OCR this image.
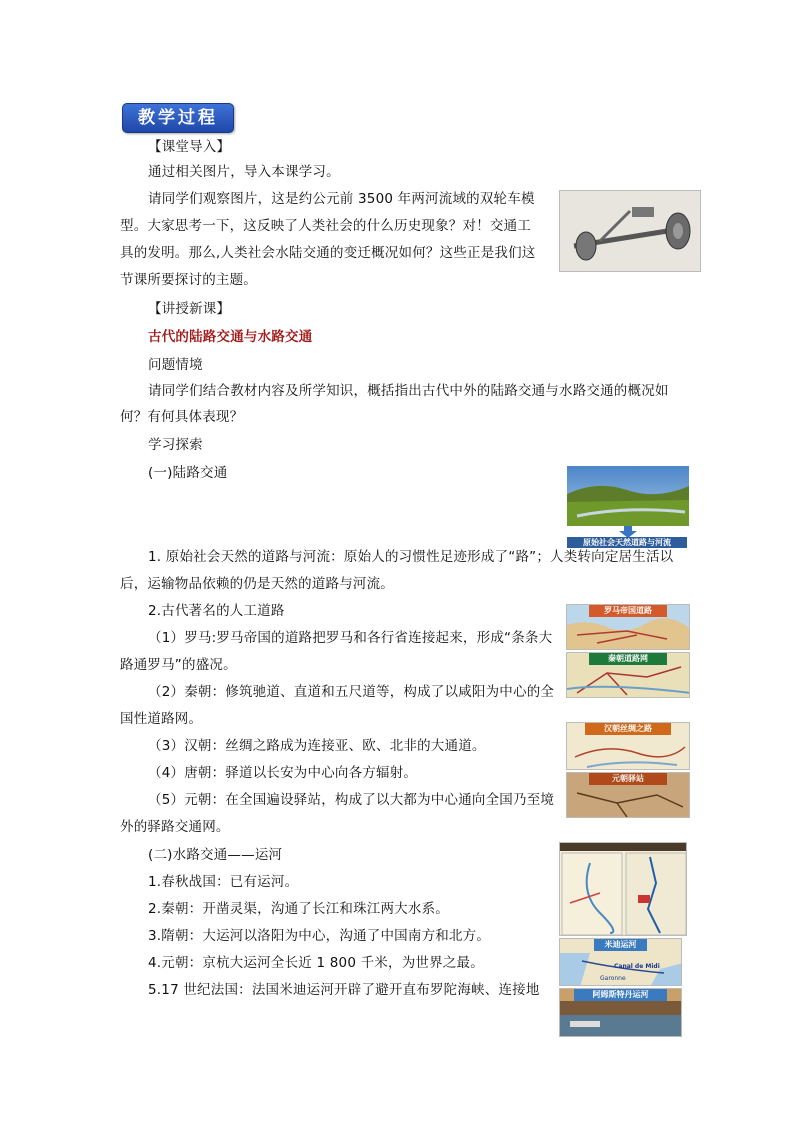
教学过程
【课堂导入】
通过相关图片，导入本课学习。
请同学们观察图片，这是约公元前 3500 年两河流域的双轮车模
型。大家思考一下，这反映了人类社会的什么历史现象？对！交通工
具的发明。那么,人类社会水陆交通的变迁概况如何？这些正是我们这
节课所要探讨的主题。
【讲授新课】
古代的陆路交通与水路交通
问题情境
请同学们结合教材内容及所学知识，概括指出古代中外的陆路交通与水路交通的概况如
何？有何具体表现？
学习探索
(一)陆路交通
原始社会天然道路与河流
1. 原始社会天然的道路与河流：原始人的习惯性足迹形成了“路”；人类转向定居生活以
后，运输物品依赖的仍是天然的道路与河流。
2.古代著名的人工道路
（1）罗马:罗马帝国的道路把罗马和各行省连接起来，形成“条条大
路通罗马”的盛况。
（2）秦朝：修筑驰道、直道和五尺道等，构成了以咸阳为中心的全
国性道路网。
（3）汉朝：丝绸之路成为连接亚、欧、北非的大通道。
（4）唐朝：驿道以长安为中心向各方辐射。
（5）元朝：在全国遍设驿站，构成了以大都为中心通向全国乃至境
外的驿路交通网。
罗马帝国道路
秦朝道路网
汉朝丝绸之路
元朝驿站
(二)水路交通——运河
1.春秋战国：已有运河。
2.秦朝：开凿灵渠，沟通了长江和珠江两大水系。
3.隋朝：大运河以洛阳为中心，沟通了中国南方和北方。
4.元朝：京杭大运河全长近 1 800 千米，为世界之最。
5.17 世纪法国：法国米迪运河开辟了避开直布罗陀海峡、连接地
米迪运河
Canal de Midi
Garonne
阿姆斯特丹运河
